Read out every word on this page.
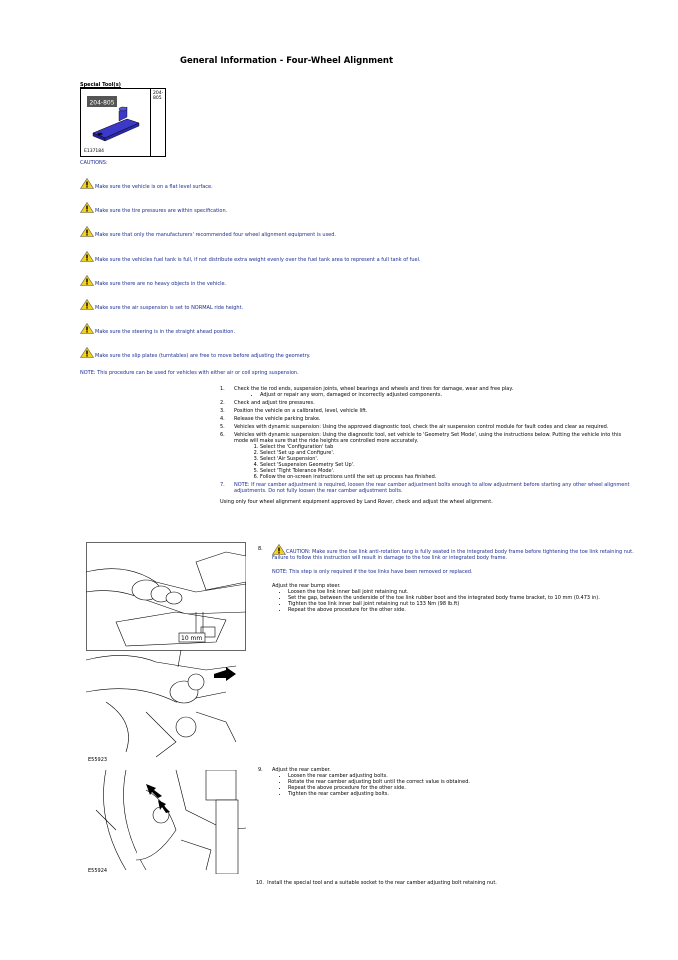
General Information - Four-Wheel Alignment
Special Tool(s)
204-805
204-805
E137184
CAUTIONS:
Make sure the vehicle is on a flat level surface.
Make sure the tire pressures are within specification.
Make sure that only the manufacturers' recommended four wheel alignment equipment is used.
Make sure the vehicles fuel tank is full, if not distribute extra weight evenly over the fuel tank area to represent a full tank of fuel.
Make sure there are no heavy objects in the vehicle.
Make sure the air suspension is set to NORMAL ride height.
Make sure the steering is in the straight ahead position.
Make sure the slip plates (turntables) are free to move before adjusting the geometry.
NOTE: This procedure can be used for vehicles with either air or coil spring suspension.
1. Check the tie rod ends, suspension joints, wheel bearings and wheels and tires for damage, wear and free play.
• Adjust or repair any worn, damaged or incorrectly adjusted components.
2. Check and adjust tire pressures.
3. Position the vehicle on a calibrated, level, vehicle lift.
4. Release the vehicle parking brake.
5. Vehicles with dynamic suspension: Using the approved diagnostic tool, check the air suspension control module for fault codes and clear as required.
6. Vehicles with dynamic suspension: Using the diagnostic tool, set vehicle to 'Geometry Set Mode', using the instructions below. Putting the vehicle into this mode will make sure that the ride heights are controlled more accurately.
1. Select the 'Configuration' tab
2. Select 'Set up and Configure'.
3. Select 'Air Suspension'.
4. Select 'Suspension Geometry Set Up'.
5. Select 'Tight Tolerance Mode'.
6. Follow the on-screen instructions until the set up process has finished.
7. NOTE: If rear camber adjustment is required, loosen the rear camber adjustment bolts enough to allow adjustment before starting any other wheel alignment adjustments. Do not fully loosen the rear camber adjustment bolts.
Using only four wheel alignment equipment approved by Land Rover, check and adjust the wheel alignment.
10 mm
E55923
8.	CAUTION: Make sure the toe link anti-rotation tang is fully seated in the integrated body frame before tightening the toe link retaining nut. Failure to follow this instruction will result in damage to the toe link or integrated body frame.
NOTE: This step is only required if the toe links have been removed or replaced.
Adjust the rear bump steer.
• Loosen the toe link inner ball joint retaining nut.
• Set the gap, between the underside of the toe link rubber boot and the integrated body frame bracket, to 10 mm (0.473 in).
• Tighten the toe link inner ball joint retaining nut to 133 Nm (98 lb.ft)
• Repeat the above procedure for the other side.
E55924
9. Adjust the rear camber.
• Loosen the rear camber adjusting bolts.
• Rotate the rear camber adjusting bolt until the correct value is obtained.
• Repeat the above procedure for the other side.
• Tighten the rear camber adjusting bolts.
10. Install the special tool and a suitable socket to the rear camber adjusting bolt retaining nut.
